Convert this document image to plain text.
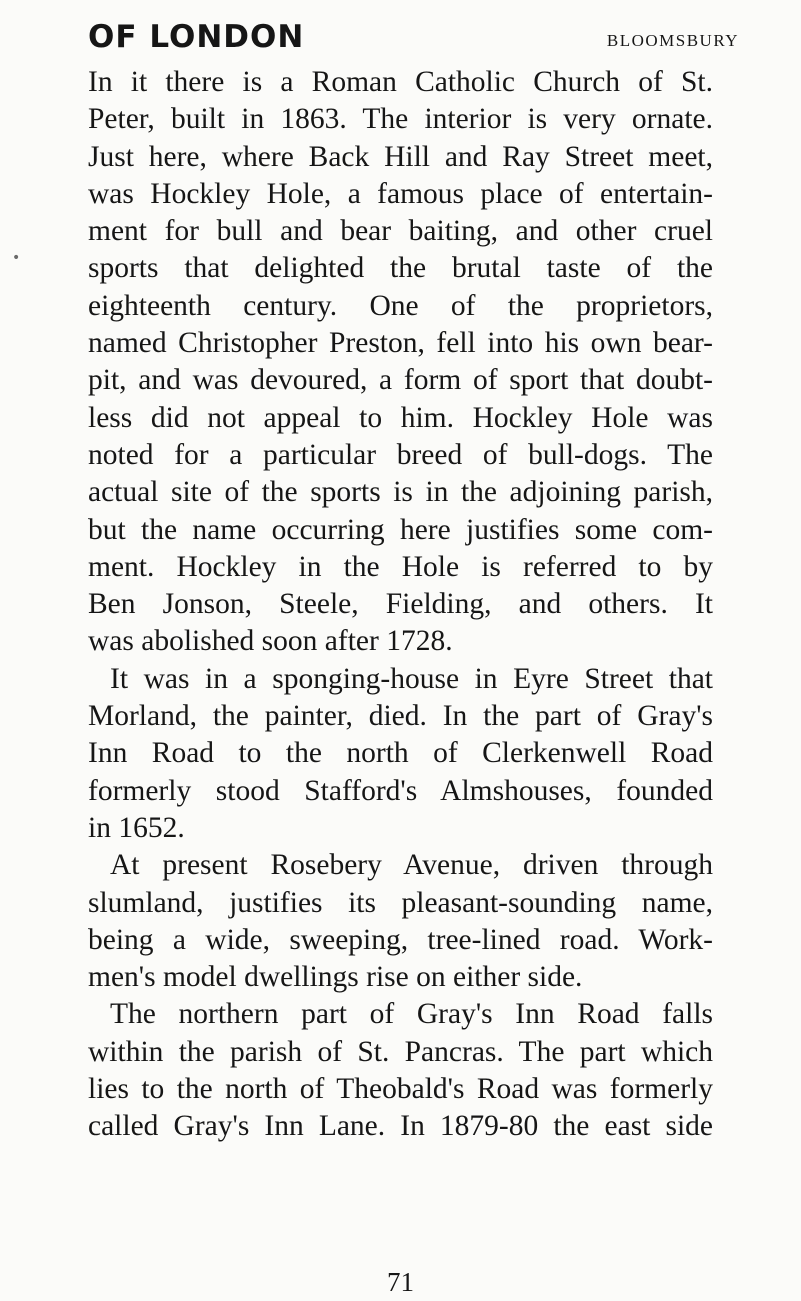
OF LONDON	BLOOMSBURY
•
In it there is a Roman Catholic Church of St.
Peter, built in 1863. The interior is very ornate.
Just here, where Back Hill and Ray Street meet,
was Hockley Hole, a famous place of entertain-
ment for bull and bear baiting, and other cruel
sports that delighted the brutal taste of the
eighteenth century. One of the proprietors,
named Christopher Preston, fell into his own bear-
pit, and was devoured, a form of sport that doubt-
less did not appeal to him. Hockley Hole was
noted for a particular breed of bull-dogs. The
actual site of the sports is in the adjoining parish,
but the name occurring here justifies some com-
ment. Hockley in the Hole is referred to by
Ben Jonson, Steele, Fielding, and others. It
was abolished soon after 1728.
It was in a sponging-house in Eyre Street that
Morland, the painter, died. In the part of Gray's
Inn Road to the north of Clerkenwell Road
formerly stood Stafford's Almshouses, founded
in 1652.
At present Rosebery Avenue, driven through
slumland, justifies its pleasant-sounding name,
being a wide, sweeping, tree-lined road. Work-
men's model dwellings rise on either side.
The northern part of Gray's Inn Road falls
within the parish of St. Pancras. The part which
lies to the north of Theobald's Road was formerly
called Gray's Inn Lane. In 1879-80 the east side
71
